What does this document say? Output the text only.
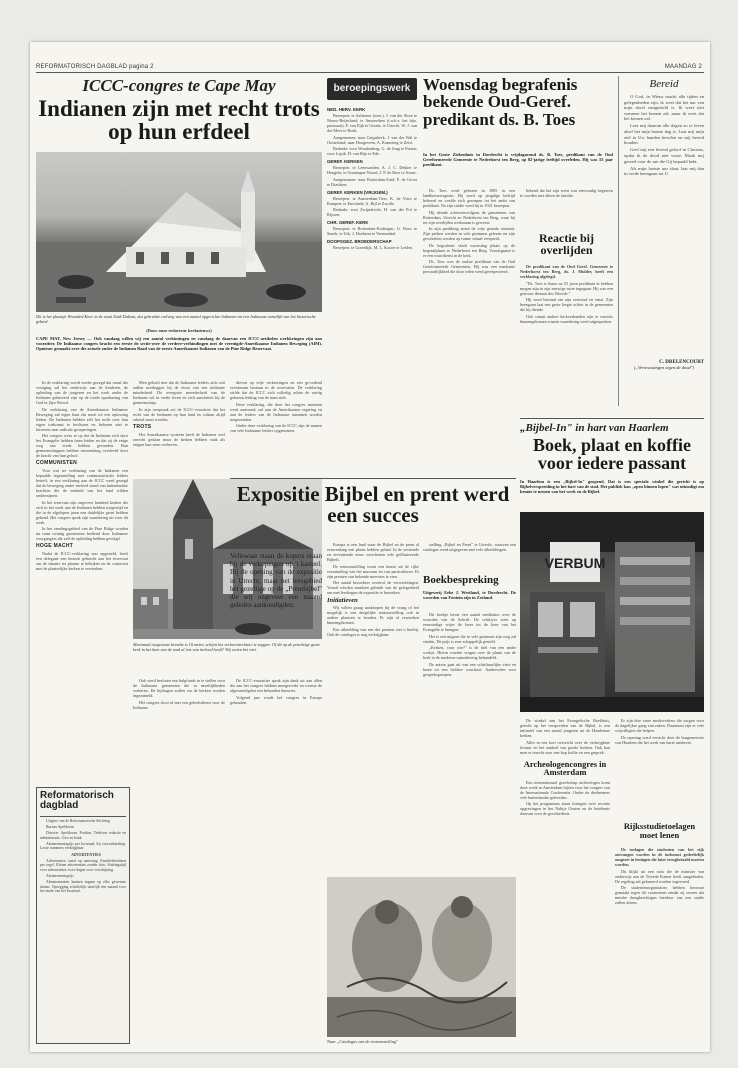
REFORMATORISCH DAGBLAD pagina 2	MAANDAG 2
ICCC-congres te Cape May
Indianen zijn met recht trots op hun erfdeel
Dit is het plaatsje Wounded Knee in de staat Zuid-Dakota, dat gebruikte railweg van een aantal opgerichte Indianen tot een Indiaanse tamelijk van het historische gebied.
(Door onze redacteur kerknieuws)
CAPE MAY, New Jersey — Ook vandaag willen wij een aantal verkiezingen en vandaag de daarvan een ICCC-artikelen werkkringen zijn aan voorzitter. De Indiaanse congres bracht een eerste de sectie-over de verdere-verbindingen met de verenigde-Amerikaanse Indianen Beweging (AIM). Opnieuw gemaakt over die actuele onder de Indianen Raad van de eerste Amerikaanse Indianen van de Pine Ridge Reservaat.

In de verklaring wordt verder gezegd dat vanaf die vestiging zal het onderwijs aan de kinderen, de opleiding van de jongeren en het werk onder de Indianen gebaseerd zijn op de totale openbaring van God in Zijn Woord.

De verklaring van de Amerikaanse Indiaanse Beweging zal tegen haar zin nooit tot een oplossing leiden. De Indianen hebben zelf het recht over hun eigen toekomst te beslissen en behoren niet te luisteren naar radicale groeperingen.

Het congres wees er op dat de Indianen zich door het Evangelie hebben laten leiden en dat zij de enige weg van vrede hebben gevonden. Hun gemeenschappen hebben eeuwenlang overleefd door de kracht van hun geloof.

COMMUNISTEN

Voor wat ter verklaring van de Indianen een bepaalde tegenstelling met communistische leiders betreft, in een verklaring aan de ICCC werd gezegd dat de beweging onder invloed stond van buitenlandse krachten die de eenheid van het land wilden ondermijnen.

In het reservaat zijn ongeveer honderd kerken die zich in het werk aan de Indianen hebben toegewijd en die in de afgelopen jaren een duidelijke groei hebben gekend. Het congres sprak zijn waardering uit voor dit werk.

In het zendingsgebied van de Pine Ridge worden nu ruim twintig gemeenten bediend door Indiaanse voorgangers die zelf de opleiding hebben gevolgd.

HOGE MACHT

Nadat de ICCC-verklaring was opgesteld, heeft een delegatie een bezoek gebracht aan het reservaat om de situatie ter plaatse te bekijken en de contacten met de plaatselijke kerken te versterken.

Men gelooft niet dat de Indiaanse leiders zich ooit zullen neerleggen bij de eisen van een militante minderheid. De overgrote meerderheid van de Indianen wil in vrede leven en zich aansluiten bij de gemeenschap.

In zijn toespraak zei de ICCC-voorzitter dat het recht van de Indianen op hun land en cultuur altijd erkend moet worden.

TROTS

Het Amerikaanse systeem heeft de Indianen veel onrecht gedaan maar de kerken hebben vaak als enigen hun stem verheven.

dieven op vrije verkiezingen en een ge-ordend vreedzaam bestaan in de reservaten. De verklaring stelde dat de ICCC zich volledig achter de wettig gekozen leiding van de stam stelt.

Deze verklaring, die door het congres unaniem werd aanvaard, zal aan de Amerikaanse regering en aan de leiders van de Indiaanse stammen worden toegezonden.

Onder deze verklaring van de ICCC zijn de namen van vele Indiaanse leiders opgenomen.

Maximaal toegestane breedte is 10 meter, schijnt het verkeerstechnici te zeggen. Of dit op de prachtige grote kerk in het hart van de stad al iets van invloed heeft? Wij weten het niet.
Reformatorisch dagblad

Uitgave van de Reformatorische Stichting

Bureau Apeldoorn

Directie: Apeldoorn. Postbus. Telefoon redactie en administratie. Giro en bank.

Abonnementsprijs per kwartaal, bij vooruitbetaling. Losse nummers verkrijgbaar.

ADVERTENTIES

Advertenties: tarief op aanvraag. Familieberichten per regel. Kleine advertenties zonder foto. Sluitingstijd voor advertenties: twee dagen voor verschijning.

Abonnementsprijs

Abonnementen kunnen ingaan op elke gewenste datum. Opzegging schriftelijk uiterlijk een maand voor het einde van het kwartaal.

beroepingswerk
NED. HERV. KERK

Beroepen: te Aalsmeer (toez.), J. van der Sloot te Nieuw-Beijerland; te Amsterdam (t.w.b.v. het bijz. pastoraat), F. van Eijk te Gouda; te Utrecht, W. J. van der Meer te Hoek.

Aangenomen: naar Grijpskerk, J. van der Wal te Oosterland; naar Hoogeveen, A. Kamsteeg te Zeist.

Bedankt: voor Woudenberg, G. de Jong te Putten; voor Lopik, H. van Rijn te Ede.

GEREF. KERKEN

Beroepen: te Leeuwarden, A. J. C. Dekker te Hengelo; te Groningen-Noord, J. P. de Boer te Assen.

Aangenomen: naar Rotterdam-Zuid, P. de Groot te Drachten.

GEREF. KERKEN (VRIJGEM.)

Beroepen: te Amsterdam-Oost, K. de Vries te Kampen; te Enschede, A. Bijl te Zwolle.

Bedankt: voor Zwijndrecht, H. van der Pol te Rijssen.

CHR. GEREF. KERK

Beroepen: te Rotterdam-Kralingen, G. Roos te Sneek; te Urk, J. Hoekstra te Veenendaal.

DOOPSGEZ. BROEDERSCHAP

Beroepen: te Gorredijk, M. L. Koster te Leiden.

Woensdag begrafenis bekende Oud-Geref. predikant ds. B. Toes
In het Grote Ziekenhuis in Dordrecht is vrijdagavond ds. B. Toes, predikant van de Oud Gereformeerde Gemeente te Nederhorst ten Berg, op 82-jarige leeftijd overleden. Hij was 55 jaar predikant.

Ds. Toes werd geboren in 1895 in een landbouwersgezin. Hij werd op jeugdige leeftijd bekeerd en voelde zich geroepen tot het ambt van predikant. Na zijn studie werd hij in 1921 beroepen.

Hij diende achtereenvolgens de gemeenten van Rotterdam, Utrecht en Nederhorst ten Berg, waar hij tot zijn overlijden werkzaam is geweest.

In zijn prediking stond de vrije genade centraal. Zijn preken werden in vele gezinnen gelezen en zijn geschriften werden op ruime schaal verspreid.

De begrafenis vindt woensdag plaats op de begraafplaats te Nederhorst ten Berg. Voorafgaand is er een rouwdienst in de kerk.

Ds. Toes was de oudste predikant van de Oud Gereformeerde Gemeenten. Hij was een markante persoonlijkheid die door velen werd gerespecteerd.

bekend dat het zijn wens was eenvoudig begraven te worden met alleen de familie.

Reactie bij overlijden

De predikant van de Oud Geref. Gemeente te Nederhorst ten Berg, ds. J. Mulder, heeft een verklaring afgelegd.

"Ds. Toes is thans na 55 jaren predikant te hebben mogen zijn in zijn eeuwige ruste ingegaan. Hij was een getrouw dienaar des Woords."

Hij werd bemind om zijn eenvoud en ernst. Zijn heengaan laat een grote leegte achter in de gemeenten die hij diende.

Ook vanuit andere kerkverbanden zijn er reacties binnengekomen waarin waardering werd uitgesproken.

Bereid

O God, in Wiens macht alle tijden en gelegenheden zijn, ik weet dat het uur van mijn dood vastgesteld is. Ik weet niet wanneer het komen zal, maar ik weet dat het komen zal.

Leer mij daarom alle dagen zo te leven alsof het mijn laatste dag is. Laat mij mijn ziel in Uw handen bevelen en mij bereid houden.

Geef mij een levend geloof in Christus, opdat ik de dood niet vreze. Maak mij gereed voor de ure die Gij bepaald hebt.

Als mijn laatste uur slaat, laat mij dan in vrede heengaan tot U.

C. DRELENCOURT
(„Vertroostingen tegen de dood")
„Bijbel-In" in hart van Haarlem
Boek, plaat en koffie voor iedere passant
In Haarlem is een „Bijbel-In" geopend. Dat is een speciale winkel die gericht is op Bijbelverspreiding in het hart van de stad. Het publiek kan „open binnen lopen" wat uitnodigt om kennis te nemen van het werk en de Bijbel.
VERBUM

De winkel aan het Evangelische Boekhuis, gericht op het verspreiden van de Bijbel, is een initiatief van een aantal jongeren uit de Haarlemse kerken.

Alles in een kort overzicht over de verkrijgbare lectuur en het aanbod van goede boeken. Ook kan men er terecht voor een kop koffie en een gesprek.

Archeologencongres in Amsterdam

Een internationaal gezelschap archeologen komt deze week in Amsterdam bijeen voor het congres van de Internationale Conferentie. Onder de deelnemers vele buitenlandse geleerden.

Op het programma staan lezingen over recente opgravingen in het Nabije Oosten en de betekenis daarvan voor de geschiedenis.

Er zijn drie vaste medewerkers die zorgen voor de dagelijkse gang van zaken. Daarnaast zijn er vele vrijwilligers die helpen.

De opening werd verricht door de burgemeester van Haarlem die het werk van harte aanbeval.

Rijksstudietoelagen moet lenen

De toelagen die studenten van het rijk ontvangen worden in de toekomst gedeeltelijk omgezet in leningen die later terugbetaald moeten worden.

Dit blijkt uit een nota die de minister van onderwijs aan de Tweede Kamer heeft aangeboden. De regeling zal gefaseerd worden ingevoerd.

De studentenorganisaties hebben bezwaar gemaakt tegen dit voornemen omdat zij vrezen dat minder draagkrachtigen hierdoor van een studie zullen afzien.

Expositie Bijbel en prent werd een succes
(Van een onzer redacteuren)
Veliswaar staan de kopers eraan bij de verkopingen op 't kasteel. Bij de opening van de expositie in Utrecht, maar het leesgebied het gezellige op de „Prentbijbel" die wij ongeveer een maand geleden aankondigden.

Europa is een land waar de Bijbel en de prent al eeuwenlang een plaats hebben gehad. In de zestiende en zeventiende eeuw verschenen vele geïllustreerde Bijbels.

De tentoonstelling toont een keuze uit de rijke verzameling van het museum en van particulieren. Er zijn prenten van bekende meesters te zien.

Het aantal bezoekers overtrof de verwachtingen. Vooral scholen maakten gebruik van de gelegenheid om met leerlingen de expositie te bezoeken.

Initiatieven

Wij willen graag aanknopen bij de vraag of het mogelijk is een dergelijke tentoonstelling ook in andere plaatsen te houden. Er zijn al verzoeken binnengekomen.

Een afbeelding van een der prenten ziet u hierbij. Ook de catalogus is nog verkrijgbaar.

stelling „Bijbel en Prent" te Utrecht, waarvan een catalogus werd uitgegeven met vele afbeeldingen.

Boekbespreking
Uitgeverij Eebe J. Westland, te Dordrecht. De woorden van Fontein zijn in Zeeland.

Dit boekje bevat een aantal meditaties over de woorden van de Schrift. De schrijver weet op eenvoudige wijze de lezer tot de kern van het Evangelie te brengen.

Het is een uitgave die in vele gezinnen zijn weg zal vinden. De prijs is zeer schappelijk gesteld.

„Kerken, voor wie?" is de titel van een ander werkje. Hierin worden vragen over de plaats van de kerk in de moderne samenleving behandeld.

De auteur gaat uit van een schriftuurlijke visie en komt tot een heldere conclusie. Aanbevolen voor gespreksgroepen.

Naar „Catalogus van de tentoonstelling"

Ook werd besloten een hulpfonds in te stellen voor de Indiaanse gemeenten die in moeilijkheden verkeren. De bijdragen zullen via de kerken worden ingezameld.

Het congres sloot af met een gebedsdienst voor de Indianen.

De ICCC-voorzitter sprak zijn dank uit aan allen die aan het congres hebben meegewerkt en wenste de afgevaardigden een behouden thuisreis.

Volgend jaar wordt het congres in Europa gehouden.
